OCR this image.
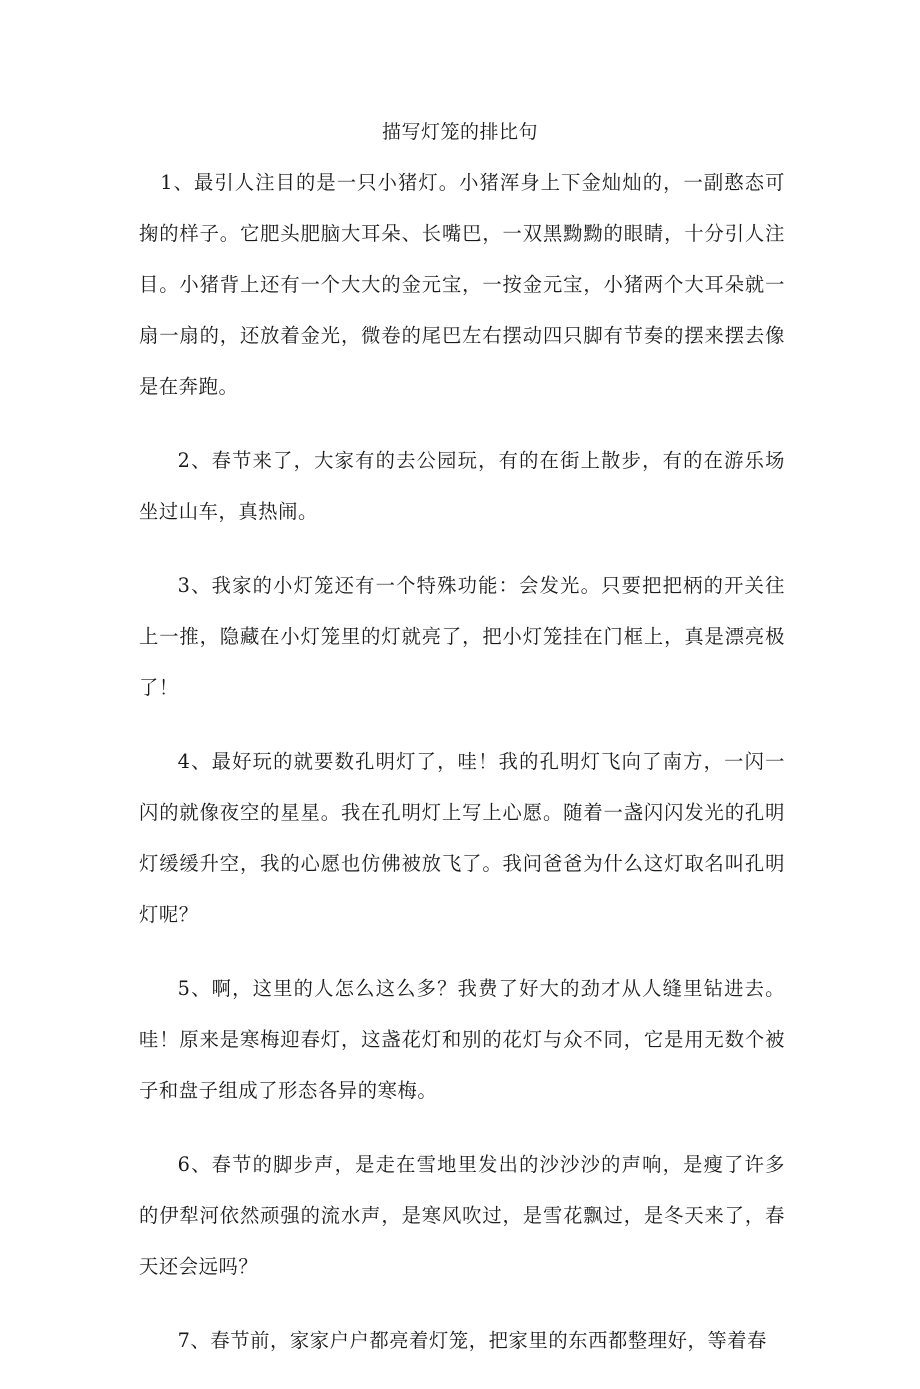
描写灯笼的排比句

1、最引人注目的是一只小猪灯。小猪浑身上下金灿灿的，一副憨态可掬的样子。它肥头肥脑大耳朵、长嘴巴，一双黑黝黝的眼睛，十分引人注目。小猪背上还有一个大大的金元宝，一按金元宝，小猪两个大耳朵就一扇一扇的，还放着金光，微卷的尾巴左右摆动四只脚有节奏的摆来摆去像是在奔跑。

2、春节来了，大家有的去公园玩，有的在街上散步，有的在游乐场坐过山车，真热闹。

3、我家的小灯笼还有一个特殊功能：会发光。只要把把柄的开关往上一推，隐藏在小灯笼里的灯就亮了，把小灯笼挂在门框上，真是漂亮极了！

4、最好玩的就要数孔明灯了，哇！我的孔明灯飞向了南方，一闪一闪的就像夜空的星星。我在孔明灯上写上心愿。随着一盏闪闪发光的孔明灯缓缓升空，我的心愿也仿佛被放飞了。我问爸爸为什么这灯取名叫孔明灯呢？

5、啊，这里的人怎么这么多？我费了好大的劲才从人缝里钻进去。哇！原来是寒梅迎春灯，这盏花灯和别的花灯与众不同，它是用无数个被子和盘子组成了形态各异的寒梅。

6、春节的脚步声，是走在雪地里发出的沙沙沙的声响，是瘦了许多的伊犁河依然顽强的流水声，是寒风吹过，是雪花飘过，是冬天来了，春天还会远吗？

7、春节前，家家户户都亮着灯笼，把家里的东西都整理好，等着春
